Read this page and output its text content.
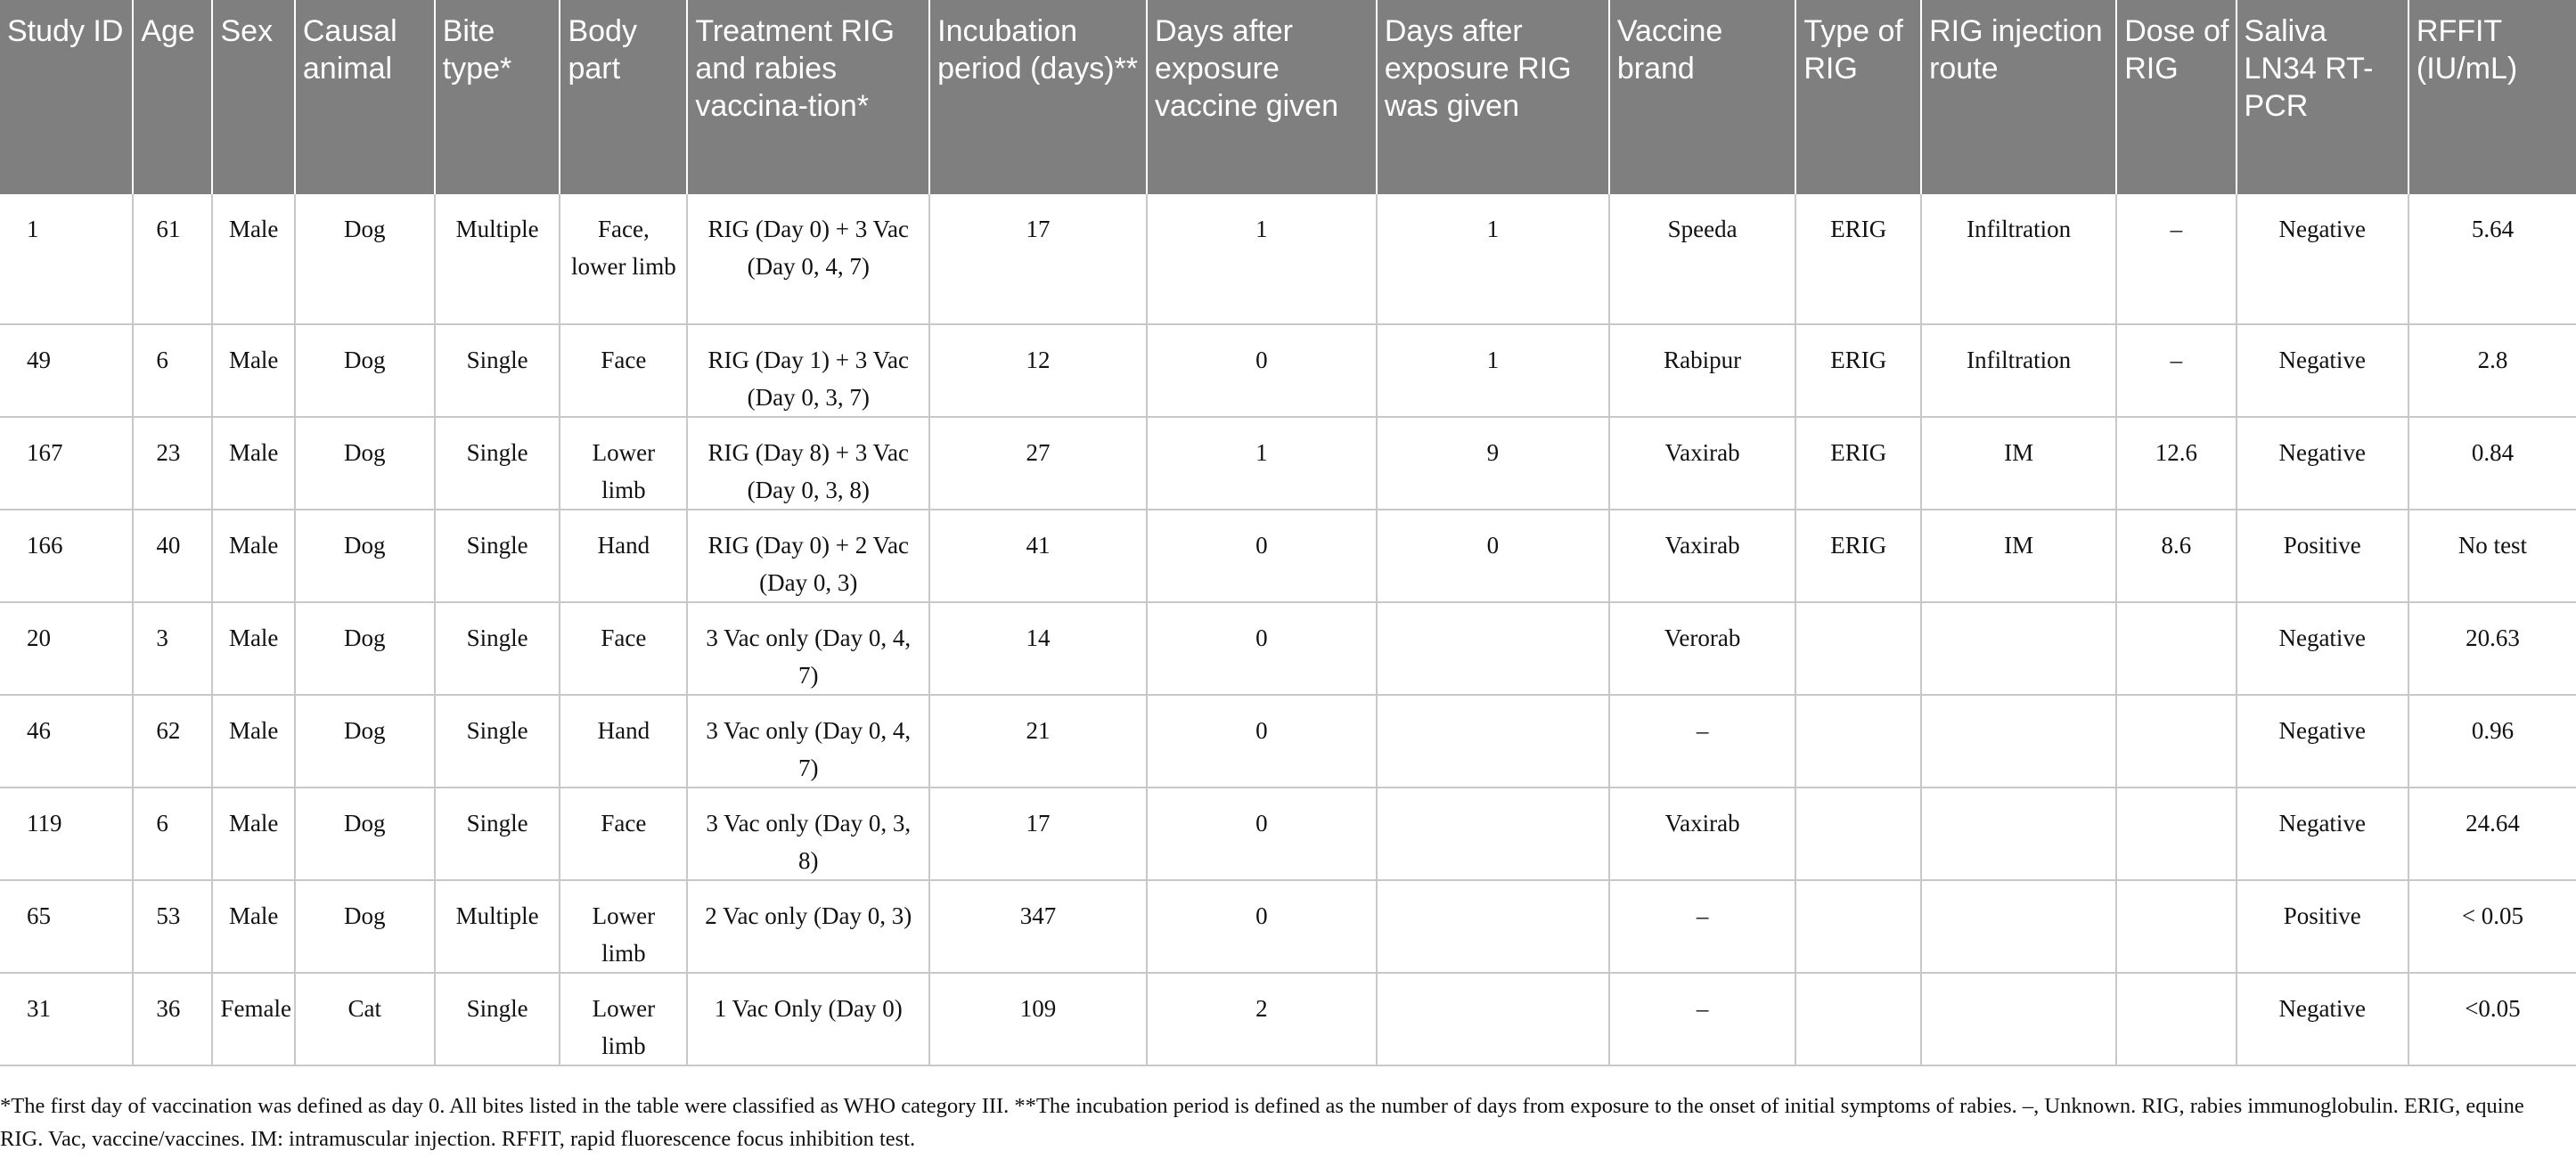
Study ID	Age	Sex	Causal animal	Bite type*	Body part	Treatment RIG and rabies vaccina-tion*	Incubation period (days)**	Days after exposure vaccine given	Days after exposure RIG was given	Vaccine brand	Type of RIG	RIG injection route	Dose of RIG	Saliva LN34 RT-PCR	RFFIT (IU/mL)
1	61	Male	Dog	Multiple	Face, lower limb	RIG (Day 0) + 3 Vac (Day 0, 4, 7)	17	1	1	Speeda	ERIG	Infiltration	–	Negative	5.64
49	6	Male	Dog	Single	Face	RIG (Day 1) + 3 Vac (Day 0, 3, 7)	12	0	1	Rabipur	ERIG	Infiltration	–	Negative	2.8
167	23	Male	Dog	Single	Lower limb	RIG (Day 8) + 3 Vac (Day 0, 3, 8)	27	1	9	Vaxirab	ERIG	IM	12.6	Negative	0.84
166	40	Male	Dog	Single	Hand	RIG (Day 0) + 2 Vac (Day 0, 3)	41	0	0	Vaxirab	ERIG	IM	8.6	Positive	No test
20	3	Male	Dog	Single	Face	3 Vac only (Day 0, 4, 7)	14	0		Verorab				Negative	20.63
46	62	Male	Dog	Single	Hand	3 Vac only (Day 0, 4, 7)	21	0		–				Negative	0.96
119	6	Male	Dog	Single	Face	3 Vac only (Day 0, 3, 8)	17	0		Vaxirab				Negative	24.64
65	53	Male	Dog	Multiple	Lower limb	2 Vac only (Day 0, 3)	347	0		–				Positive	< 0.05
31	36	Female	Cat	Single	Lower limb	1 Vac Only (Day 0)	109	2		–				Negative	<0.05

*The first day of vaccination was defined as day 0. All bites listed in the table were classified as WHO category III. **The incubation period is defined as the number of days from exposure to the onset of initial symptoms of rabies. –, Unknown. RIG, rabies immunoglobulin. ERIG, equine RIG. Vac, vaccine/vaccines. IM: intramuscular injection. RFFIT, rapid fluorescence focus inhibition test.
